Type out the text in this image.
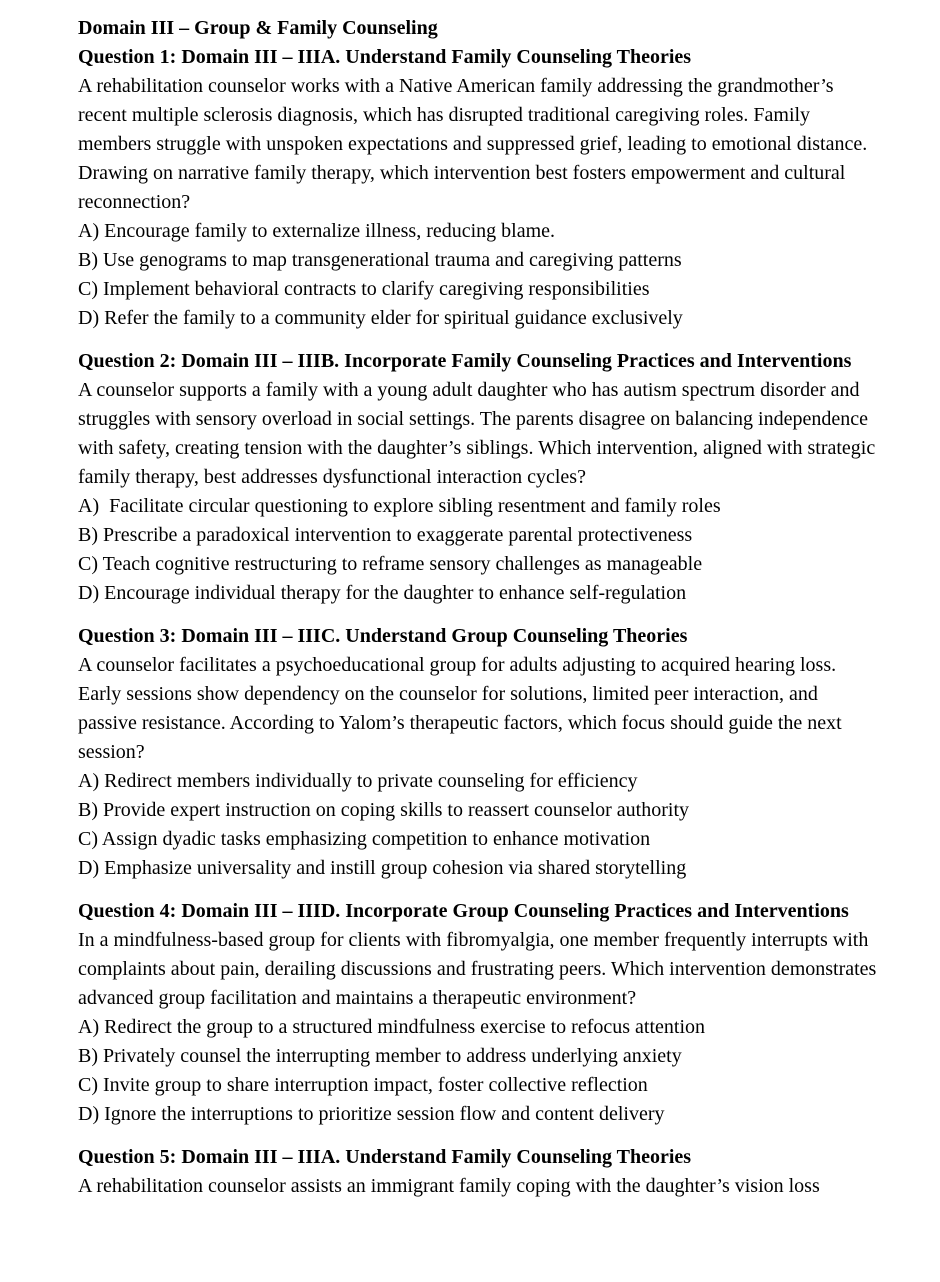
Domain III – Group & Family Counseling
Question 1: Domain III – IIIA. Understand Family Counseling Theories
A rehabilitation counselor works with a Native American family addressing the grandmother’s recent multiple sclerosis diagnosis, which has disrupted traditional caregiving roles. Family members struggle with unspoken expectations and suppressed grief, leading to emotional distance. Drawing on narrative family therapy, which intervention best fosters empowerment and cultural reconnection?
A) Encourage family to externalize illness, reducing blame.
B) Use genograms to map transgenerational trauma and caregiving patterns
C) Implement behavioral contracts to clarify caregiving responsibilities
D) Refer the family to a community elder for spiritual guidance exclusively
Question 2: Domain III – IIIB. Incorporate Family Counseling Practices and Interventions
A counselor supports a family with a young adult daughter who has autism spectrum disorder and struggles with sensory overload in social settings. The parents disagree on balancing independence with safety, creating tension with the daughter’s siblings. Which intervention, aligned with strategic family therapy, best addresses dysfunctional interaction cycles?
A)  Facilitate circular questioning to explore sibling resentment and family roles
B) Prescribe a paradoxical intervention to exaggerate parental protectiveness
C) Teach cognitive restructuring to reframe sensory challenges as manageable
D) Encourage individual therapy for the daughter to enhance self-regulation
Question 3: Domain III – IIIC. Understand Group Counseling Theories
A counselor facilitates a psychoeducational group for adults adjusting to acquired hearing loss. Early sessions show dependency on the counselor for solutions, limited peer interaction, and passive resistance. According to Yalom’s therapeutic factors, which focus should guide the next session?
A) Redirect members individually to private counseling for efficiency
B) Provide expert instruction on coping skills to reassert counselor authority
C) Assign dyadic tasks emphasizing competition to enhance motivation
D) Emphasize universality and instill group cohesion via shared storytelling
Question 4: Domain III – IIID. Incorporate Group Counseling Practices and Interventions
In a mindfulness-based group for clients with fibromyalgia, one member frequently interrupts with complaints about pain, derailing discussions and frustrating peers. Which intervention demonstrates advanced group facilitation and maintains a therapeutic environment?
A) Redirect the group to a structured mindfulness exercise to refocus attention
B) Privately counsel the interrupting member to address underlying anxiety
C) Invite group to share interruption impact, foster collective reflection
D) Ignore the interruptions to prioritize session flow and content delivery
Question 5: Domain III – IIIA. Understand Family Counseling Theories
A rehabilitation counselor assists an immigrant family coping with the daughter’s vision loss
